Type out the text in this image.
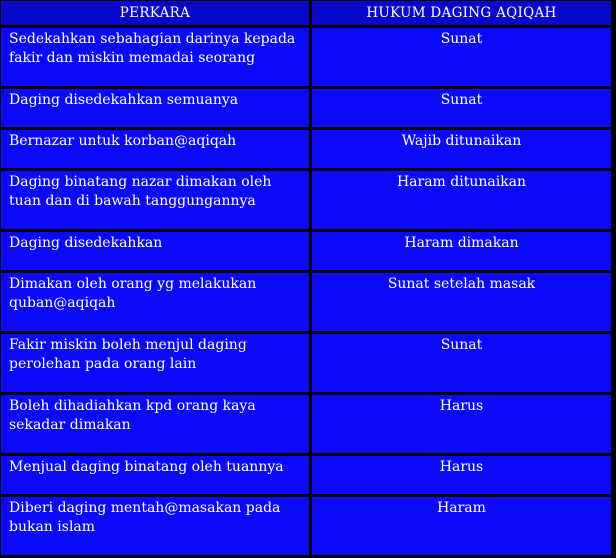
PERKARA	HUKUM DAGING AQIQAH
Sedekahkan sebahagian darinya kepada fakir dan miskin memadai seorang	Sunat
Daging disedekahkan semuanya	Sunat
Bernazar untuk korban@aqiqah	Wajib ditunaikan
Daging binatang nazar dimakan oleh tuan dan di bawah tanggungannya	Haram ditunaikan
Daging disedekahkan	Haram dimakan
Dimakan oleh orang yg melakukan quban@aqiqah	Sunat setelah masak
Fakir miskin boleh menjul daging perolehan pada orang lain	Sunat
Boleh dihadiahkan kpd orang kaya sekadar dimakan	Harus
Menjual daging binatang oleh tuannya	Harus
Diberi daging mentah@masakan pada bukan islam	Haram
